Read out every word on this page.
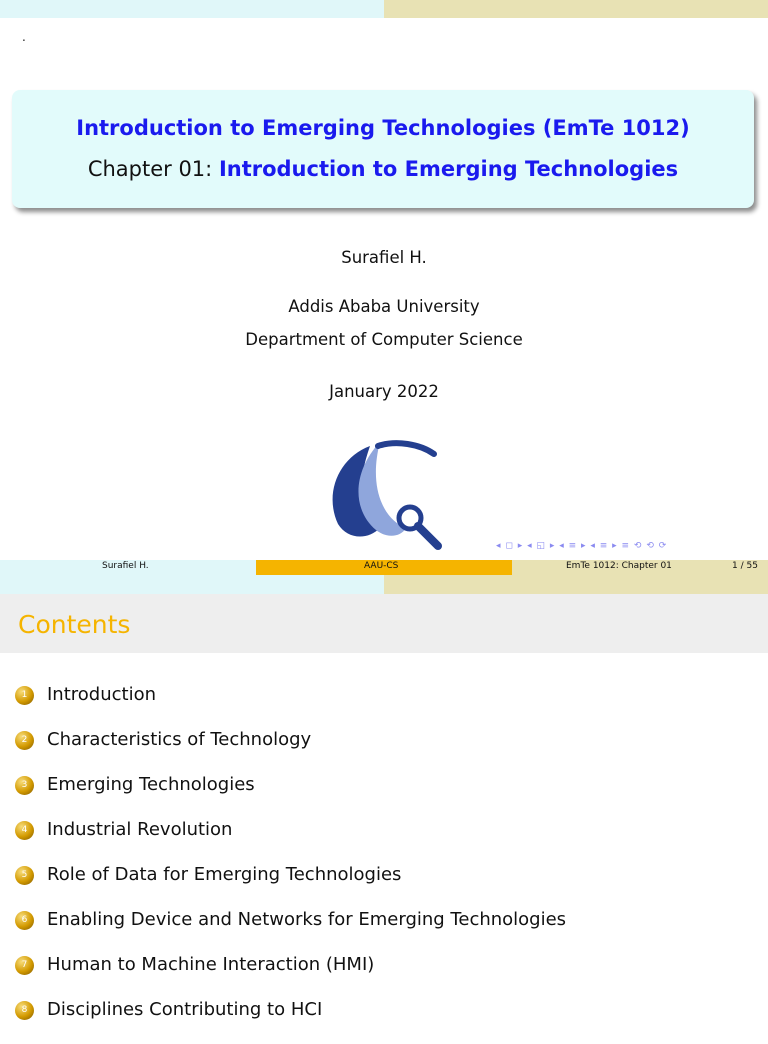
.
Introduction to Emerging Technologies (EmTe 1012)
Chapter 01: Introduction to Emerging Technologies
Surafiel H.
Addis Ababa University
Department of Computer Science
January 2022
◂ ◻ ▸ ◂ ◱ ▸ ◂ ≡ ▸ ◂ ≡ ▸ ≡ ⟲ ⟲ ⟳
Surafiel H.	AAU-CS	EmTe 1012: Chapter 01	1 / 55
Contents
1	Introduction
2	Characteristics of Technology
3	Emerging Technologies
4	Industrial Revolution
5	Role of Data for Emerging Technologies
6	Enabling Device and Networks for Emerging Technologies
7	Human to Machine Interaction (HMI)
8	Disciplines Contributing to HCI
